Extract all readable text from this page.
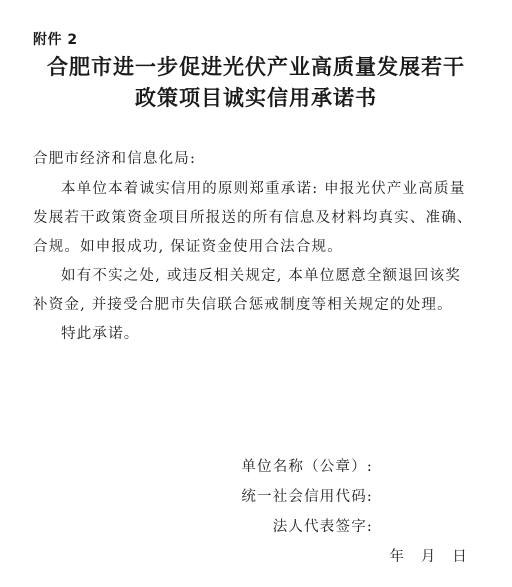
附件 2
合肥市进一步促进光伏产业高质量发展若干
政策项目诚实信用承诺书
合肥市经济和信息化局:
本单位本着诚实信用的原则郑重承诺: 申报光伏产业高质量
发展若干政策资金项目所报送的所有信息及材料均真实、准确、
合规。如申报成功, 保证资金使用合法合规。
如有不实之处, 或违反相关规定, 本单位愿意全额退回该奖
补资金, 并接受合肥市失信联合惩戒制度等相关规定的处理。
特此承诺。
单位名称（公章）:
统一社会信用代码:
法人代表签字:
年　月　日
